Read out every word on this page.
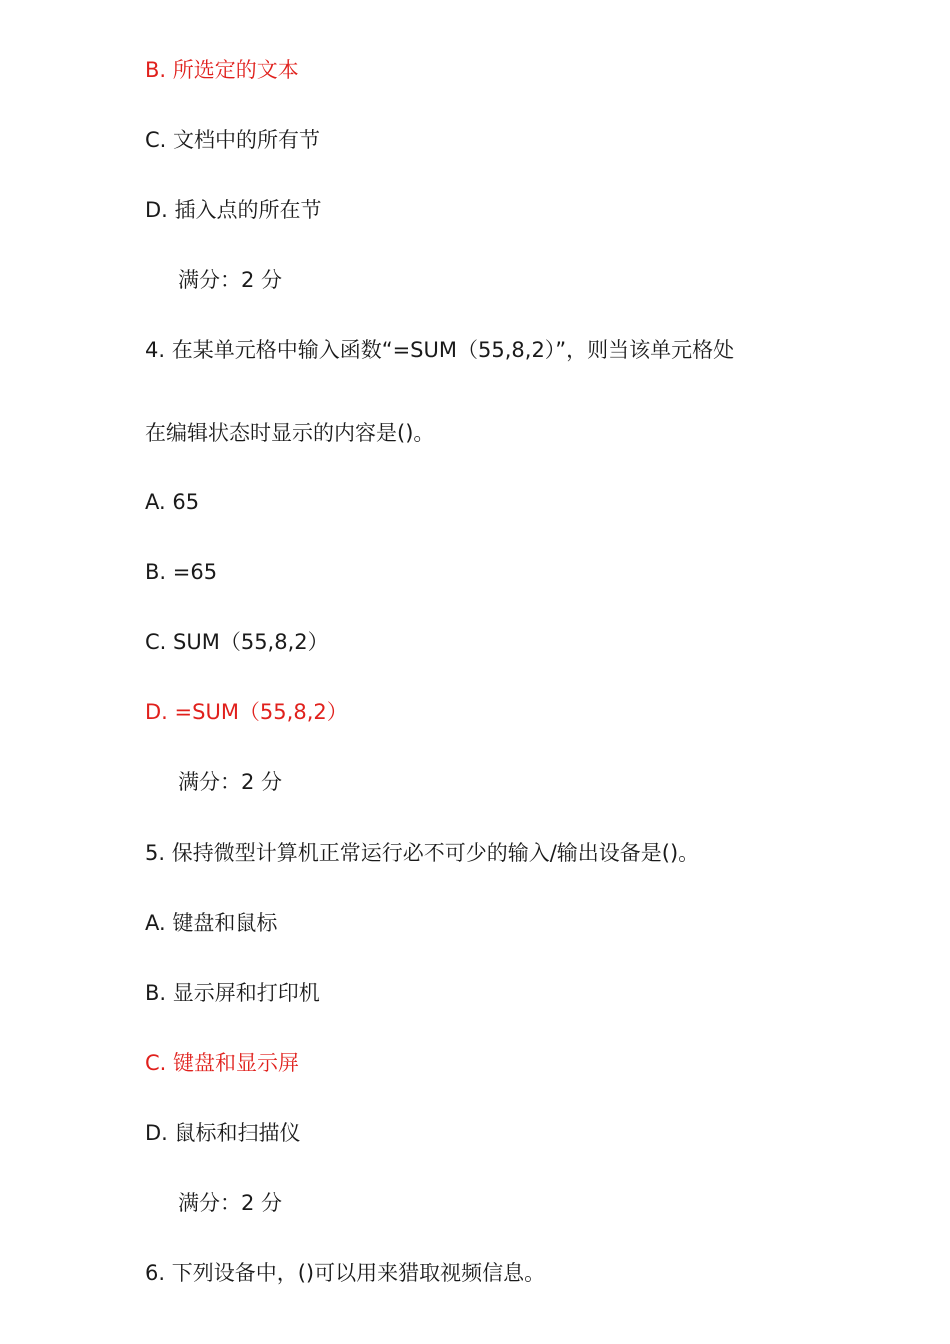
B. 所选定的文本
C. 文档中的所有节
D. 插入点的所在节
满分：2 分
4. 在某单元格中输入函数“=SUM（55,8,2）”，则当该单元格处
在编辑状态时显示的内容是()。
A. 65
B. =65
C. SUM（55,8,2）
D. =SUM（55,8,2）
满分：2 分
5. 保持微型计算机正常运行必不可少的输入/输出设备是()。
A. 键盘和鼠标
B. 显示屏和打印机
C. 键盘和显示屏
D. 鼠标和扫描仪
满分：2 分
6. 下列设备中，()可以用来猎取视频信息。
